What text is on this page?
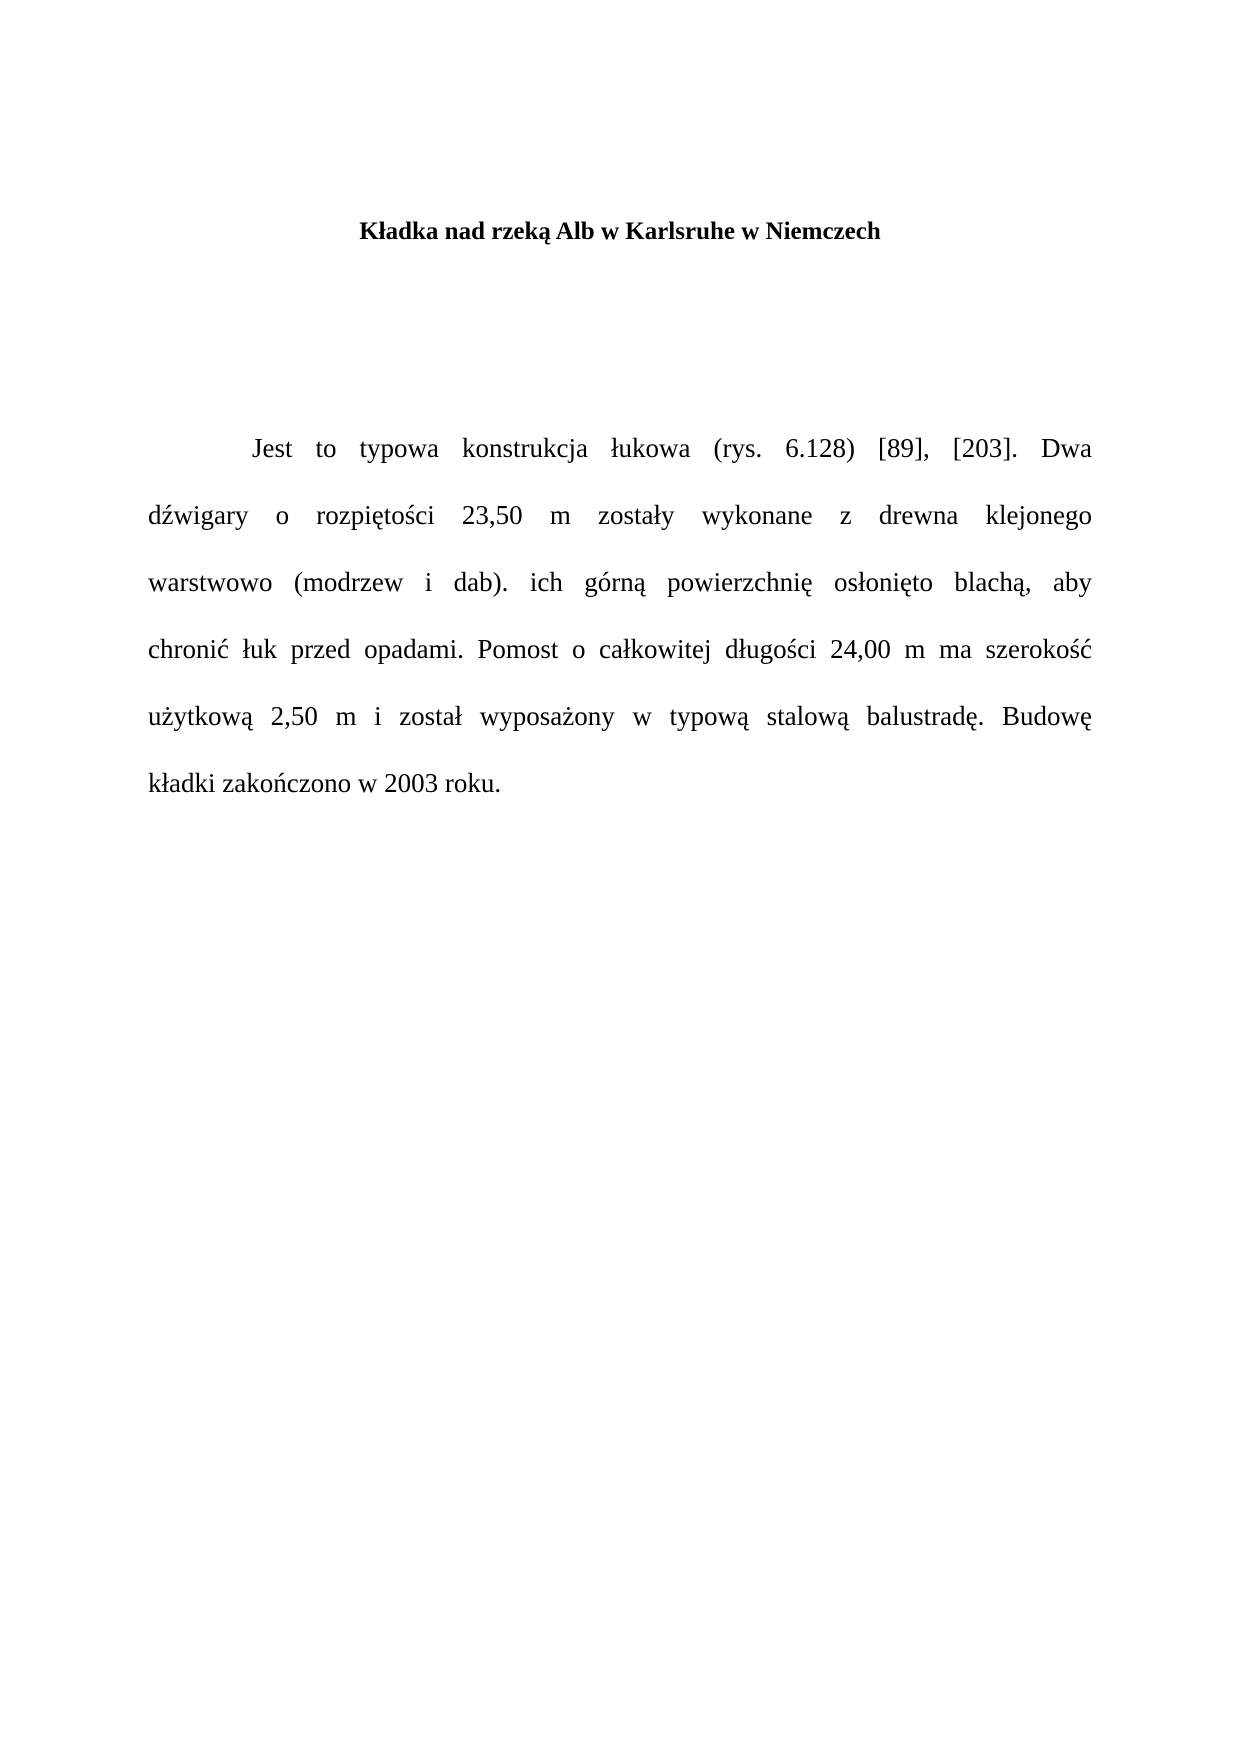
Kładka nad rzeką Alb w Karlsruhe w Niemczech
Jest to typowa konstrukcja łukowa (rys. 6.128) [89], [203]. Dwa
dźwigary o rozpiętości 23,50 m zostały wykonane z drewna klejonego
warstwowo (modrzew i dab). ich górną powierzchnię osłonięto blachą, aby
chronić łuk przed opadami. Pomost o całkowitej długości 24,00 m ma szerokość
użytkową 2,50 m i został wyposażony w typową stalową balustradę. Budowę
kładki zakończono w 2003 roku.
